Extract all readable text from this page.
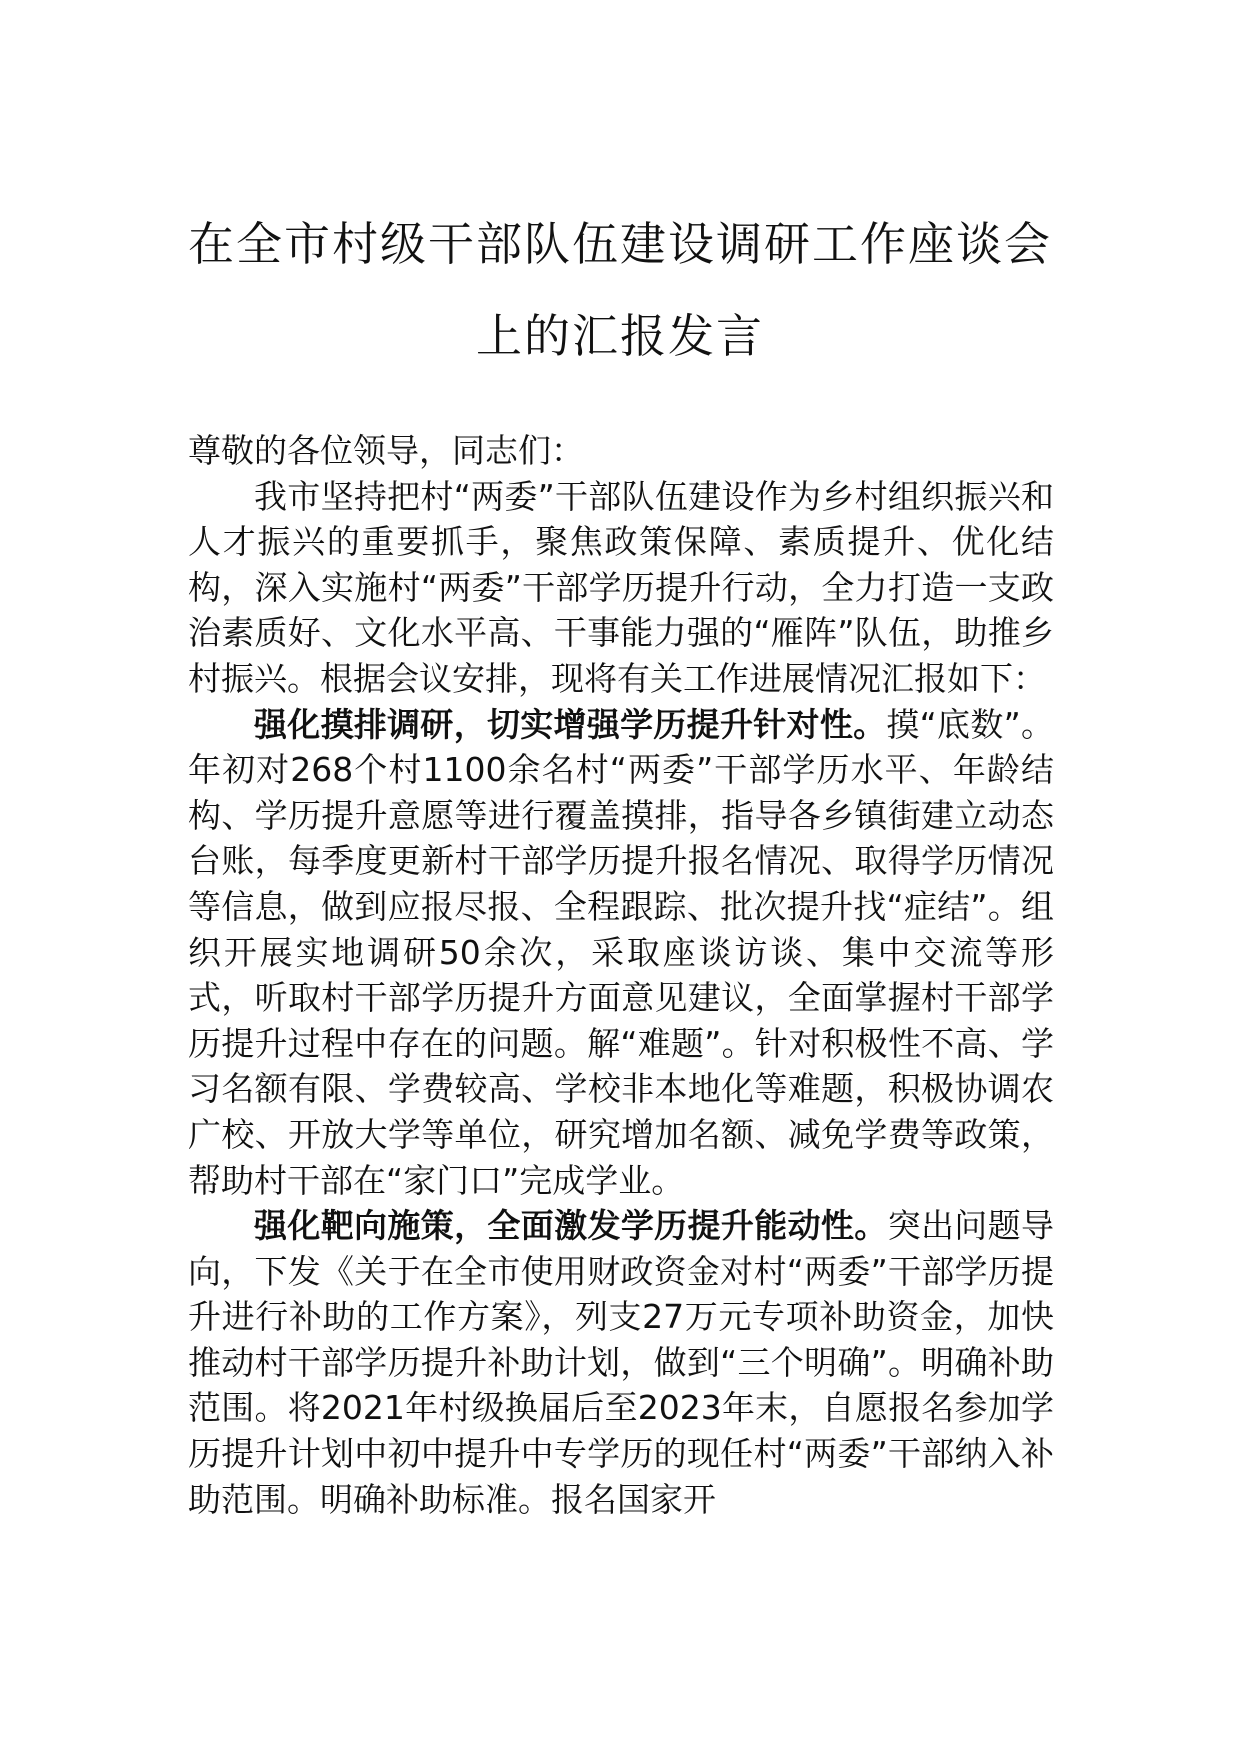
在全市村级干部队伍建设调研工作座谈会
上的汇报发言

尊敬的各位领导，同志们：

我市坚持把村“两委”干部队伍建设作为乡村组织振兴和人才振兴的重要抓手，聚焦政策保障、素质提升、优化结构，深入实施村“两委”干部学历提升行动，全力打造一支政治素质好、文化水平高、干事能力强的“雁阵”队伍，助推乡村振兴。根据会议安排，现将有关工作进展情况汇报如下：

强化摸排调研，切实增强学历提升针对性。摸“底数”。年初对268个村1100余名村“两委”干部学历水平、年龄结构、学历提升意愿等进行覆盖摸排，指导各乡镇街建立动态台账，每季度更新村干部学历提升报名情况、取得学历情况等信息，做到应报尽报、全程跟踪、批次提升找“症结”。组织开展实地调研50余次，采取座谈访谈、集中交流等形式，听取村干部学历提升方面意见建议，全面掌握村干部学历提升过程中存在的问题。解“难题”。针对积极性不高、学习名额有限、学费较高、学校非本地化等难题，积极协调农广校、开放大学等单位，研究增加名额、减免学费等政策，帮助村干部在“家门口”完成学业。

强化靶向施策，全面激发学历提升能动性。突出问题导向，下发《关于在全市使用财政资金对村“两委”干部学历提升进行补助的工作方案》，列支27万元专项补助资金，加快推动村干部学历提升补助计划，做到“三个明确”。明确补助范围。将2021年村级换届后至2023年末，自愿报名参加学历提升计划中初中提升中专学历的现任村“两委”干部纳入补助范围。明确补助标准。报名国家开
